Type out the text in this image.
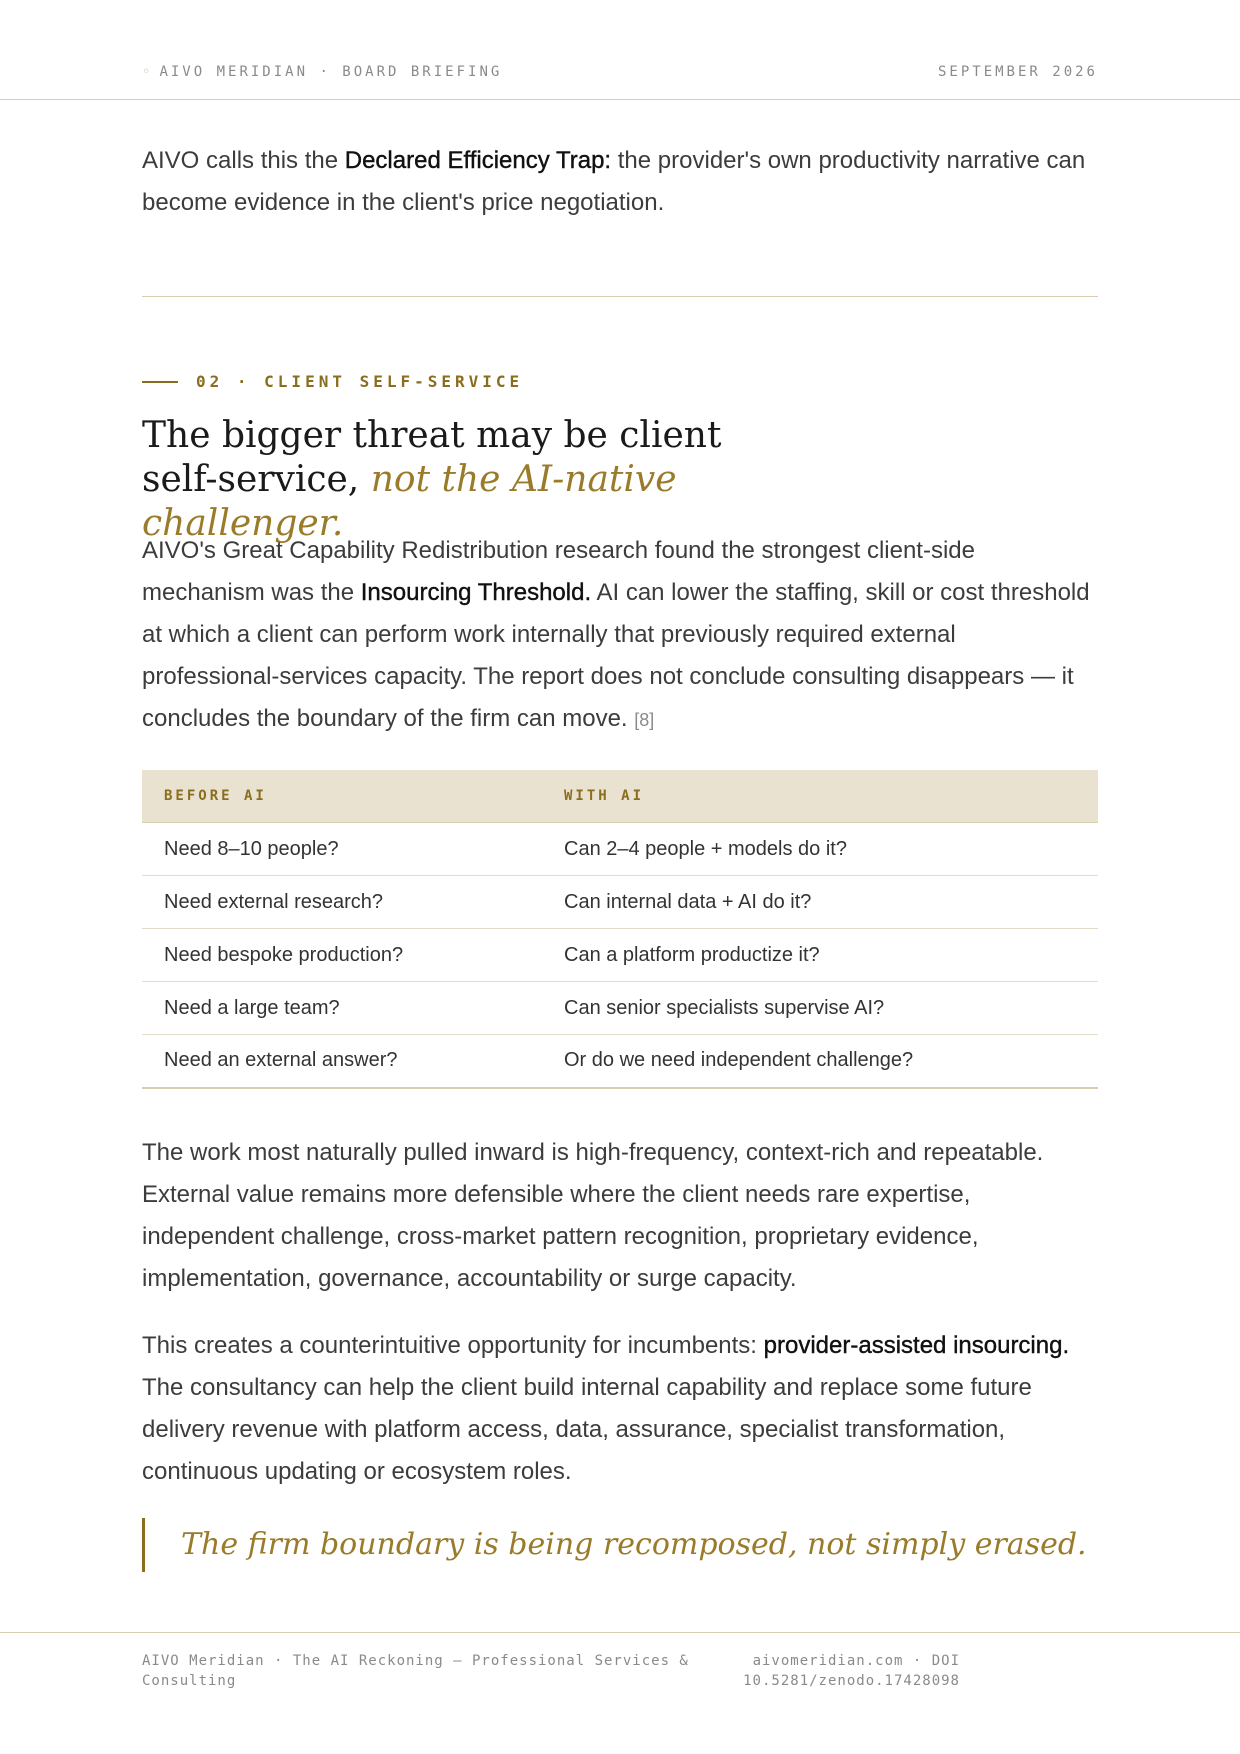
◦ AIVO MERIDIAN · BOARD BRIEFING	SEPTEMBER 2026

AIVO calls this the Declared Efficiency Trap: the provider's own productivity narrative can become evidence in the client's price negotiation.

02 · CLIENT SELF-SERVICE
The bigger threat may be client self-service, not the AI-native challenger.

AIVO's Great Capability Redistribution research found the strongest client-side mechanism was the Insourcing Threshold. AI can lower the staffing, skill or cost threshold at which a client can perform work internally that previously required external professional-services capacity. The report does not conclude consulting disappears — it concludes the boundary of the firm can move. [8]

BEFORE AI	WITH AI
Need 8–10 people?	Can 2–4 people + models do it?
Need external research?	Can internal data + AI do it?
Need bespoke production?	Can a platform productize it?
Need a large team?	Can senior specialists supervise AI?
Need an external answer?	Or do we need independent challenge?

The work most naturally pulled inward is high-frequency, context-rich and repeatable. External value remains more defensible where the client needs rare expertise, independent challenge, cross-market pattern recognition, proprietary evidence, implementation, governance, accountability or surge capacity.

This creates a counterintuitive opportunity for incumbents: provider-assisted insourcing. The consultancy can help the client build internal capability and replace some future delivery revenue with platform access, data, assurance, specialist transformation, continuous updating or ecosystem roles.

The firm boundary is being recomposed, not simply erased.
AIVO Meridian · The AI Reckoning — Professional Services & Consulting
aivomeridian.com · DOI 10.5281/zenodo.17428098
